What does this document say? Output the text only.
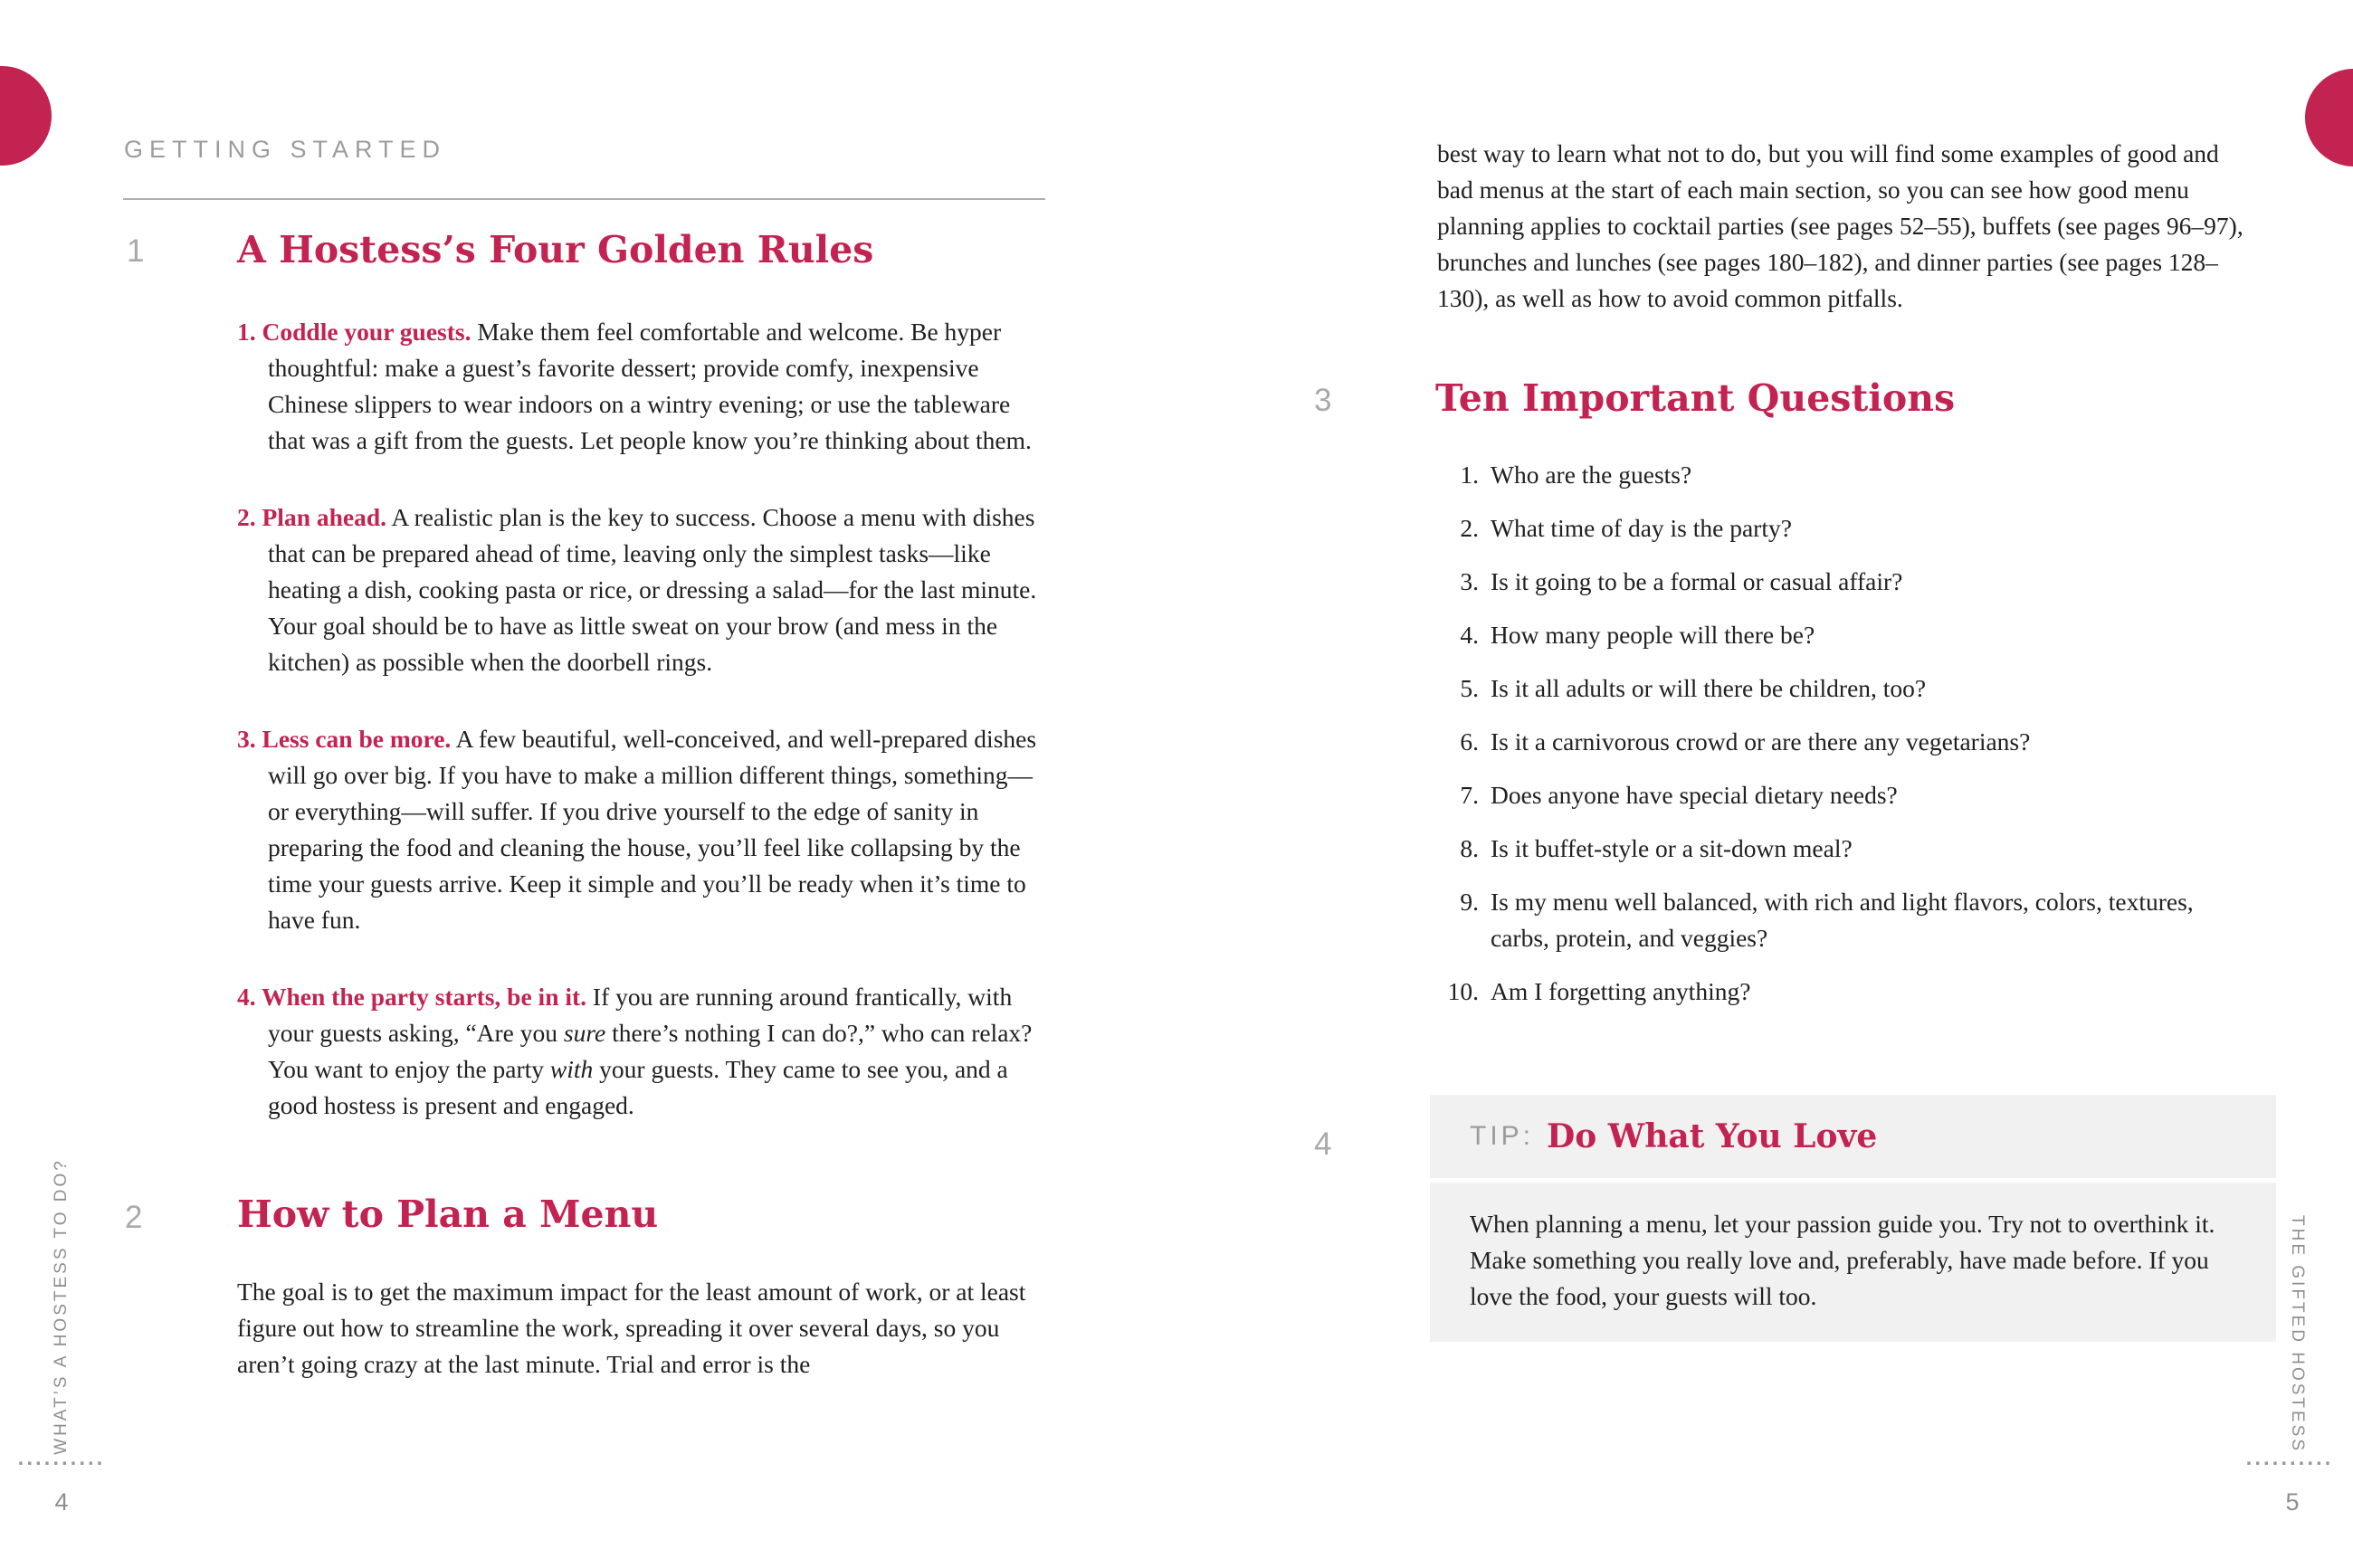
GETTING STARTED
1	A Hostess’s Four Golden Rules

1. Coddle your guests. Make them feel comfortable and welcome. Be hyper thoughtful: make a guest’s favorite dessert; provide comfy, inexpensive Chinese slippers to wear indoors on a wintry evening; or use the tableware that was a gift from the guests. Let people know you’re thinking about them.

2. Plan ahead. A realistic plan is the key to success. Choose a menu with dishes that can be prepared ahead of time, leaving only the simplest tasks—like heating a dish, cooking pasta or rice, or dressing a salad—for the last minute. Your goal should be to have as little sweat on your brow (and mess in the kitchen) as possible when the doorbell rings.

3. Less can be more. A few beautiful, well-conceived, and well-prepared dishes will go over big. If you have to make a million different things, something—or everything—will suffer. If you drive yourself to the edge of sanity in preparing the food and cleaning the house, you’ll feel like collapsing by the time your guests arrive. Keep it simple and you’ll be ready when it’s time to have fun.

4. When the party starts, be in it. If you are running around frantically, with your guests asking, “Are you sure there’s nothing I can do?,” who can relax? You want to enjoy the party with your guests. They came to see you, and a good hostess is present and engaged.

2	How to Plan a Menu
The goal is to get the maximum impact for the least amount of work, or at least figure out how to streamline the work, spreading it over several days, so you aren’t going crazy at the last minute. Trial and error is the
WHAT’S A HOSTESS TO DO?
..........
4
best way to learn what not to do, but you will find some examples of good and bad menus at the start of each main section, so you can see how good menu planning applies to cocktail parties (see pages 52–55), buffets (see pages 96–97), brunches and lunches (see pages 180–182), and dinner parties (see pages 128–130), as well as how to avoid common pitfalls.
3	Ten Important Questions
1. Who are the guests?
2. What time of day is the party?
3. Is it going to be a formal or casual affair?
4. How many people will there be?
5. Is it all adults or will there be children, too?
6. Is it a carnivorous crowd or are there any vegetarians?
7. Does anyone have special dietary needs?
8. Is it buffet-style or a sit-down meal?
9. Is my menu well balanced, with rich and light flavors, colors, textures, carbs, protein, and veggies?
10. Am I forgetting anything?
4	TIP: Do What You Love
When planning a menu, let your passion guide you. Try not to overthink it. Make something you really love and, preferably, have made before. If you love the food, your guests will too.	THE GIFTED HOSTESS
..........
5
